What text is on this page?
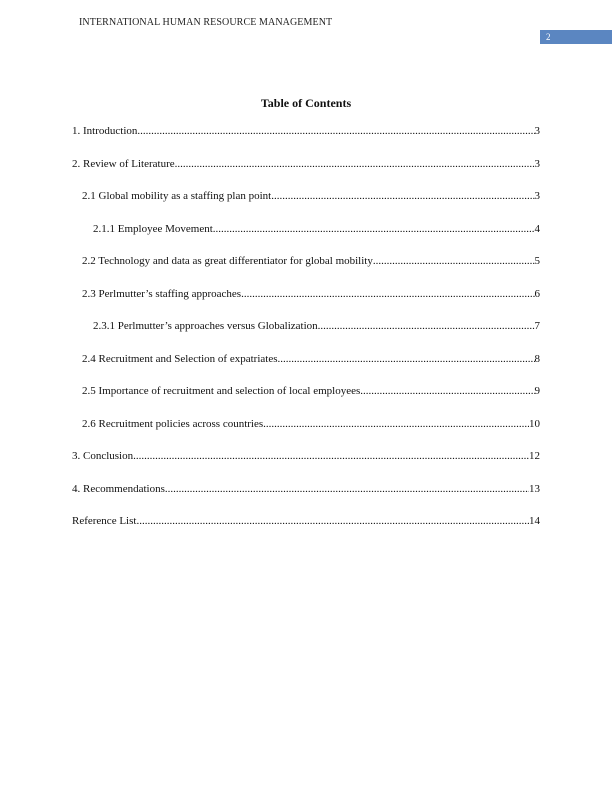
INTERNATIONAL HUMAN RESOURCE MANAGEMENT
2
Table of Contents
1. Introduction .....	3
2. Review of Literature .....	3
2.1 Global mobility as a staffing plan point .....	3
2.1.1 Employee Movement .....	4
2.2 Technology and data as great differentiator for global mobility .....	5
2.3 Perlmutter’s staffing approaches .....	6
2.3.1 Perlmutter’s approaches versus Globalization .....	7
2.4 Recruitment and Selection of expatriates .....	8
2.5 Importance of recruitment and selection of local employees .....	9
2.6 Recruitment policies across countries .....	10
3. Conclusion .....	12
4. Recommendations .....	13
Reference List .....	14
